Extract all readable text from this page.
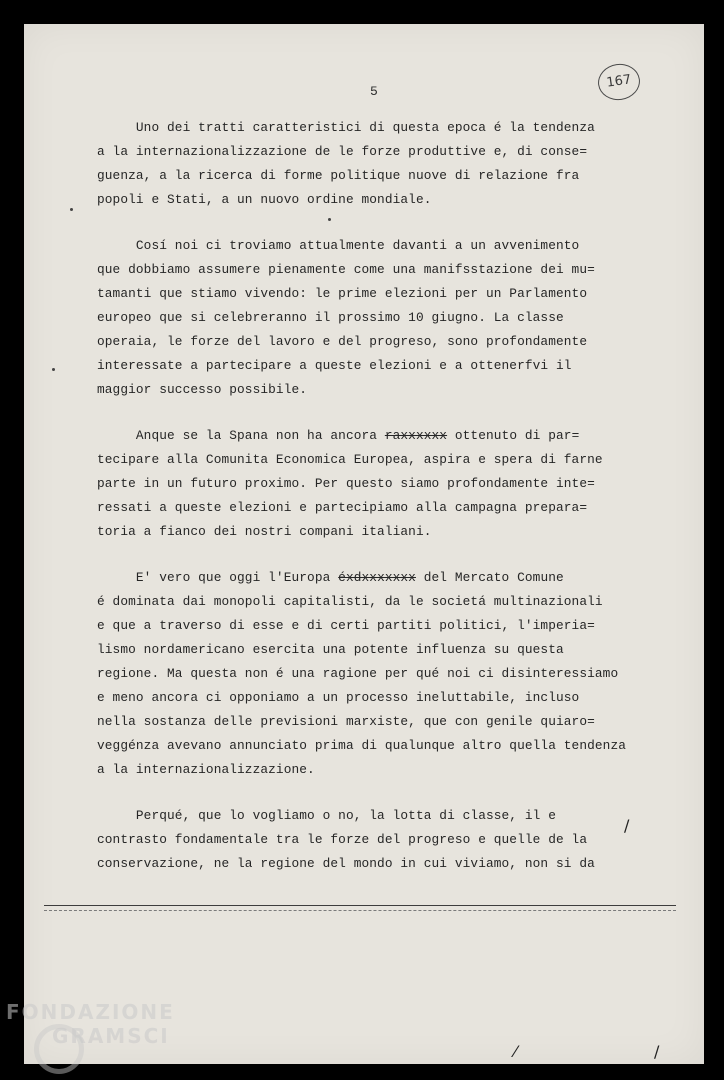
5
167
Uno dei tratti caratteristici di questa epoca é la tendenza
a la internazionalizzazione de le forze produttive e, di conse=
guenza, a la ricerca di forme politique nuove di relazione fra
popoli e Stati, a un nuovo ordine mondiale.
Cosí noi ci troviamo attualmente davanti a un avvenimento
que dobbiamo assumere pienamente come una manifsstazione dei mu=
tamanti que stiamo vivendo: le prime elezioni per un Parlamento
europeo que si celebreranno il prossimo 10 giugno. La classe
operaia, le forze del lavoro e del progreso, sono profondamente
interessate a partecipare a queste elezioni e a ottenerfvi il
maggior successo possibile.
Anque se la Spana non ha ancora raxxxxxx ottenuto di par=
tecipare alla Comunita Economica Europea, aspira e spera di farne
parte in un futuro proximo. Per questo siamo profondamente inte=
ressati a queste elezioni e partecipiamo alla campagna prepara=
toria a fianco dei nostri compani italiani.
E' vero que oggi l'Europa éxdxxxxxxx del Mercato Comune
é dominata dai monopoli capitalisti, da le societá multinazionali
e que a traverso di esse e di certi partiti politici, l'imperia=
lismo nordamericano esercita una potente influenza su questa
regione. Ma questa non é una ragione per qué noi ci disinteressiamo
e meno ancora ci opponiamo a un processo ineluttabile, incluso
nella sostanza delle previsioni marxiste, que con genile quiaro=
veggénza avevano annunciato prima di qualunque altro quella tendenza
a la internazionalizzazione.
Perqué, que lo vogliamo o no, la lotta di classe, il e
contrasto fondamentale tra le forze del progreso e quelle de la
conservazione, ne la regione del mondo in cui viviamo, non si da
/
⁄	/
FONDAZIONE
GRAMSCI
